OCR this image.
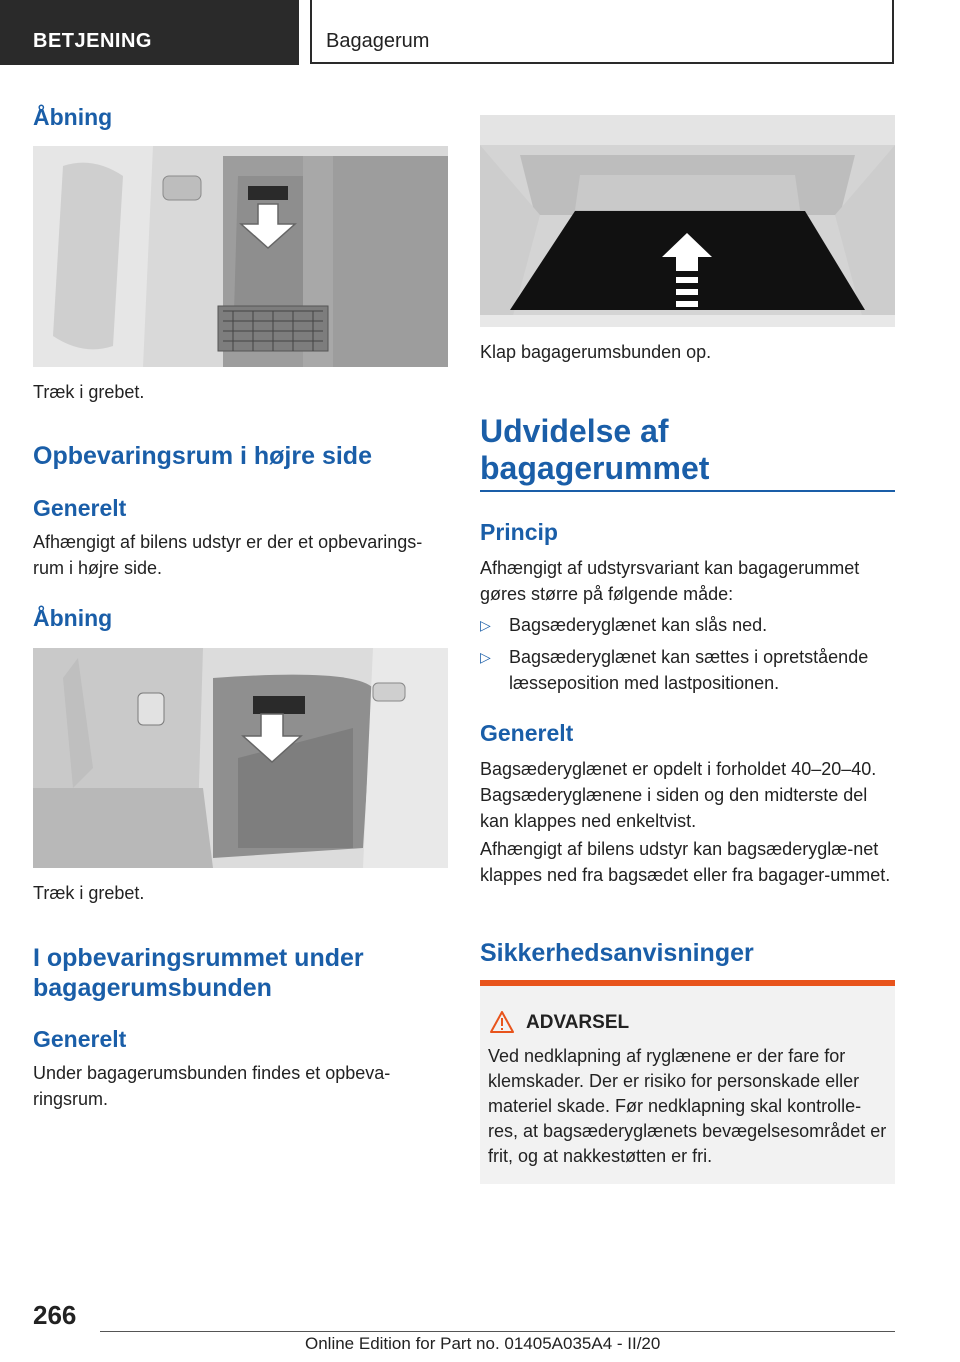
BETJENING	Bagagerum
Åbning
Træk i grebet.
Opbevaringsrum i højre side
Generelt
Afhængigt af bilens udstyr er der et opbevarings-rum i højre side.
Åbning
Træk i grebet.
I opbevaringsrummet under
bagagerumsbunden
Generelt
Under bagagerumsbunden findes et opbeva-ringsrum.
Klap bagagerumsbunden op.
Udvidelse af
bagagerummet
Princip
Afhængigt af udstyrsvariant kan bagagerummet gøres større på følgende måde:
▷ Bagsæderyglænet kan slås ned.
▷ Bagsæderyglænet kan sættes i opretstående læsseposition med lastpositionen.
Generelt
Bagsæderyglænet er opdelt i forholdet 40–20–40. Bagsæderyglænene i siden og den midterste del kan klappes ned enkeltvist.
Afhængigt af bilens udstyr kan bagsæderyglæ-net klappes ned fra bagsædet eller fra bagager-ummet.
Sikkerhedsanvisninger
ADVARSEL
Ved nedklapning af ryglænene er der fare for klemskader. Der er risiko for personskade eller materiel skade. Før nedklapning skal kontrolle-res, at bagsæderyglænets bevægelsesområdet er frit, og at nakkestøtten er fri.
266
Online Edition for Part no. 01405A035A4 - II/20
